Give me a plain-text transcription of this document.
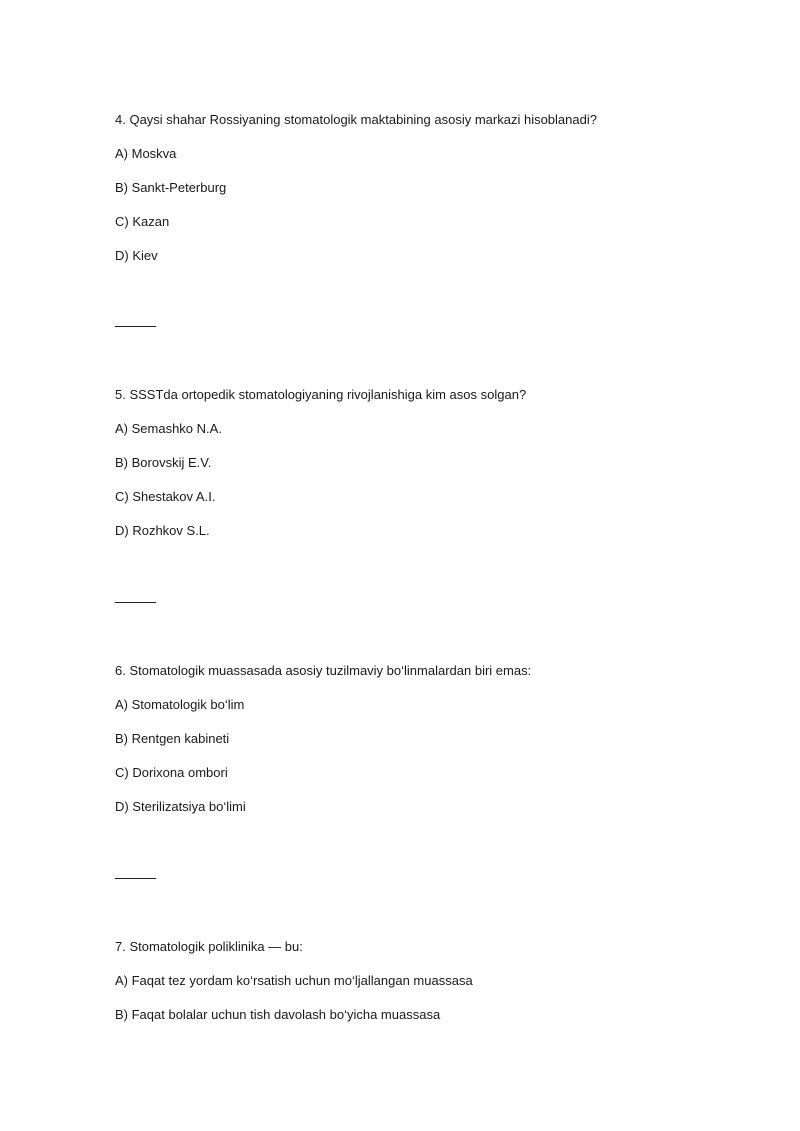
4. Qaysi shahar Rossiyaning stomatologik maktabining asosiy markazi hisoblanadi?
A) Moskva
B) Sankt-Peterburg
C) Kazan
D) Kiev
5. SSSTda ortopedik stomatologiyaning rivojlanishiga kim asos solgan?
A) Semashko N.A.
B) Borovskij E.V.
C) Shestakov A.I.
D) Rozhkov S.L.
6. Stomatologik muassasada asosiy tuzilmaviy bo‘linmalardan biri emas:
A) Stomatologik bo‘lim
B) Rentgen kabineti
C) Dorixona ombori
D) Sterilizatsiya bo‘limi
7. Stomatologik poliklinika — bu:
A) Faqat tez yordam ko‘rsatish uchun mo‘ljallangan muassasa
B) Faqat bolalar uchun tish davolash bo‘yicha muassasa
